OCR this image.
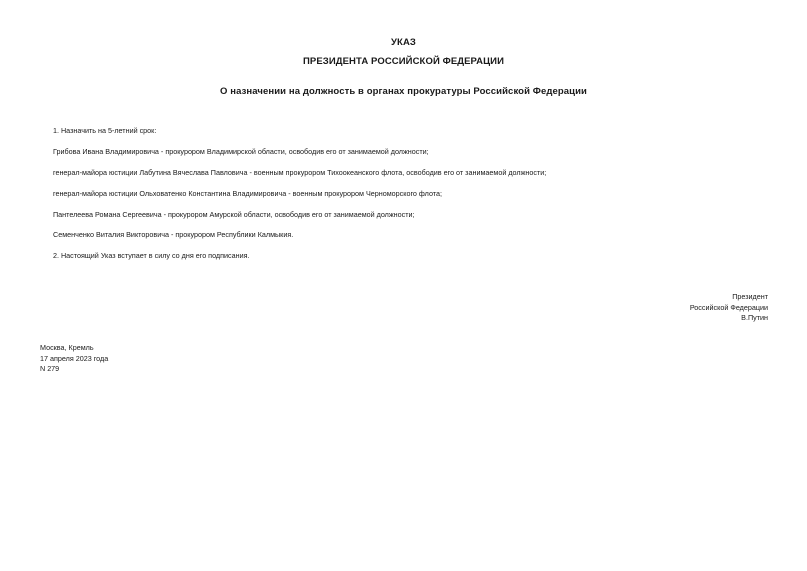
УКАЗ
ПРЕЗИДЕНТА РОССИЙСКОЙ ФЕДЕРАЦИИ
О назначении на должность в органах прокуратуры Российской Федерации

1. Назначить на 5-летний срок:

Грибова Ивана Владимировича - прокурором Владимирской области, освободив его от занимаемой должности;

генерал-майора юстиции Лабутина Вячеслава Павловича - военным прокурором Тихоокеанского флота, освободив его от занимаемой должности;

генерал-майора юстиции Ольховатенко Константина Владимировича - военным прокурором Черноморского флота;

Пантелеева Романа Сергеевича - прокурором Амурской области, освободив его от занимаемой должности;

Семенченко Виталия Викторовича - прокурором Республики Калмыкия.

2. Настоящий Указ вступает в силу со дня его подписания.

Президент
Российской Федерации
В.Путин
Москва, Кремль
17 апреля 2023 года
N 279
